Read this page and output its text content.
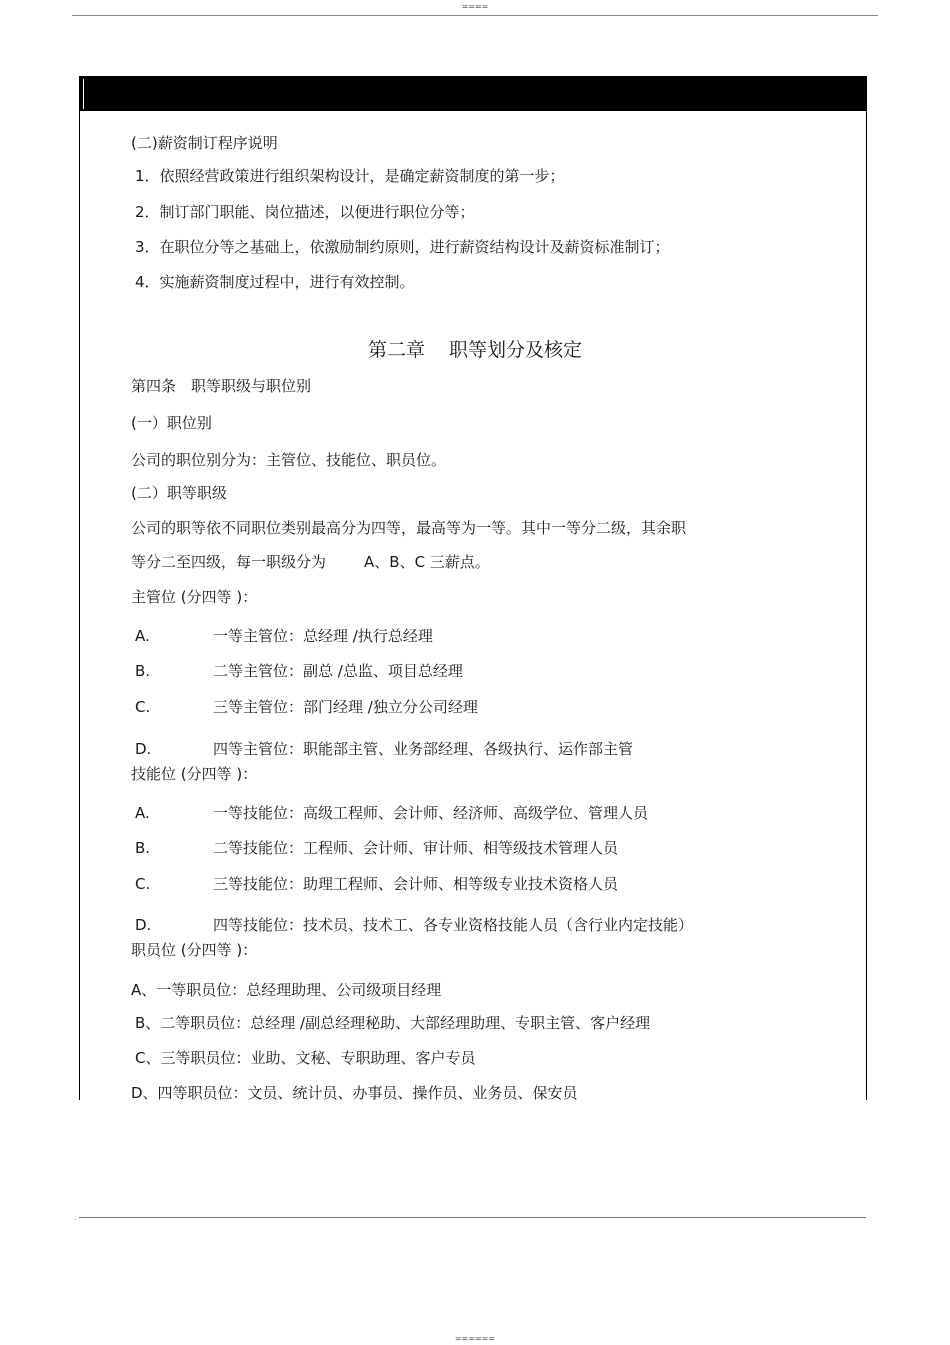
====
(二)薪资制订程序说明
1．依照经营政策进行组织架构设计，是确定薪资制度的第一步；
2．制订部门职能、岗位描述，以便进行职位分等；
3．在职位分等之基础上，依激励制约原则，进行薪资结构设计及薪资标准制订；
4．实施薪资制度过程中，进行有效控制。
第二章 职等划分及核定
第四条　职等职级与职位别
(一）职位别
公司的职位别分为：主管位、技能位、职员位。
(二）职等职级
公司的职等依不同职位类别最高分为四等，最高等为一等。其中一等分二级，其余职
等分二至四级，每一职级分为	A、B、C 三薪点。
主管位 (分四等 )：
A.	一等主管位：总经理 /执行总经理
B.	二等主管位：副总 /总监、项目总经理
C.	三等主管位：部门经理 /独立分公司经理
D.	四等主管位：职能部主管、业务部经理、各级执行、运作部主管
技能位 (分四等 )：
A.	一等技能位：高级工程师、会计师、经济师、高级学位、管理人员
B.	二等技能位：工程师、会计师、审计师、相等级技术管理人员
C.	三等技能位：助理工程师、会计师、相等级专业技术资格人员
D.	四等技能位：技术员、技术工、各专业资格技能人员（含行业内定技能）
职员位 (分四等 )：
A、一等职员位：总经理助理、公司级项目经理
B、二等职员位：总经理 /副总经理秘助、大部经理助理、专职主管、客户经理
C、三等职员位：业助、文秘、专职助理、客户专员
D、四等职员位：文员、统计员、办事员、操作员、业务员、保安员
-
======
